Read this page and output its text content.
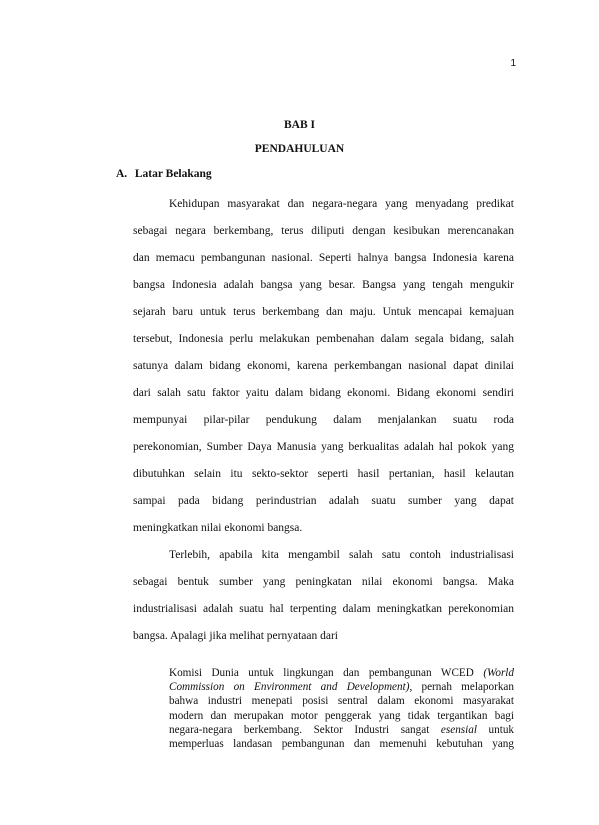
1
BAB I
PENDAHULUAN
A. Latar Belakang
Kehidupan masyarakat dan negara-negara yang menyadang predikat
sebagai negara berkembang, terus diliputi dengan kesibukan merencanakan
dan memacu pembangunan nasional. Seperti halnya bangsa Indonesia karena
bangsa Indonesia adalah bangsa yang besar. Bangsa yang tengah mengukir
sejarah baru untuk terus berkembang dan maju. Untuk mencapai kemajuan
tersebut, Indonesia perlu melakukan pembenahan dalam segala bidang, salah
satunya dalam bidang ekonomi, karena perkembangan nasional dapat dinilai
dari salah satu faktor yaitu dalam bidang ekonomi. Bidang ekonomi sendiri
mempunyai pilar-pilar pendukung dalam menjalankan suatu roda
perekonomian, Sumber Daya Manusia yang berkualitas adalah hal pokok yang
dibutuhkan selain itu sekto-sektor seperti hasil pertanian, hasil kelautan
sampai pada bidang perindustrian adalah suatu sumber yang dapat
meningkatkan nilai ekonomi bangsa.
Terlebih, apabila kita mengambil salah satu contoh industrialisasi
sebagai bentuk sumber yang peningkatan nilai ekonomi bangsa. Maka
industrialisasi adalah suatu hal terpenting dalam meningkatkan perekonomian
bangsa. Apalagi jika melihat pernyataan dari
Komisi Dunia untuk lingkungan dan pembangunan WCED (World
Commission on Environment and Development), pernah melaporkan
bahwa industri menepati posisi sentral dalam ekonomi masyarakat
modern dan merupakan motor penggerak yang tidak tergantikan bagi
negara-negara berkembang. Sektor Industri sangat esensial untuk
memperluas landasan pembangunan dan memenuhi kebutuhan yang
